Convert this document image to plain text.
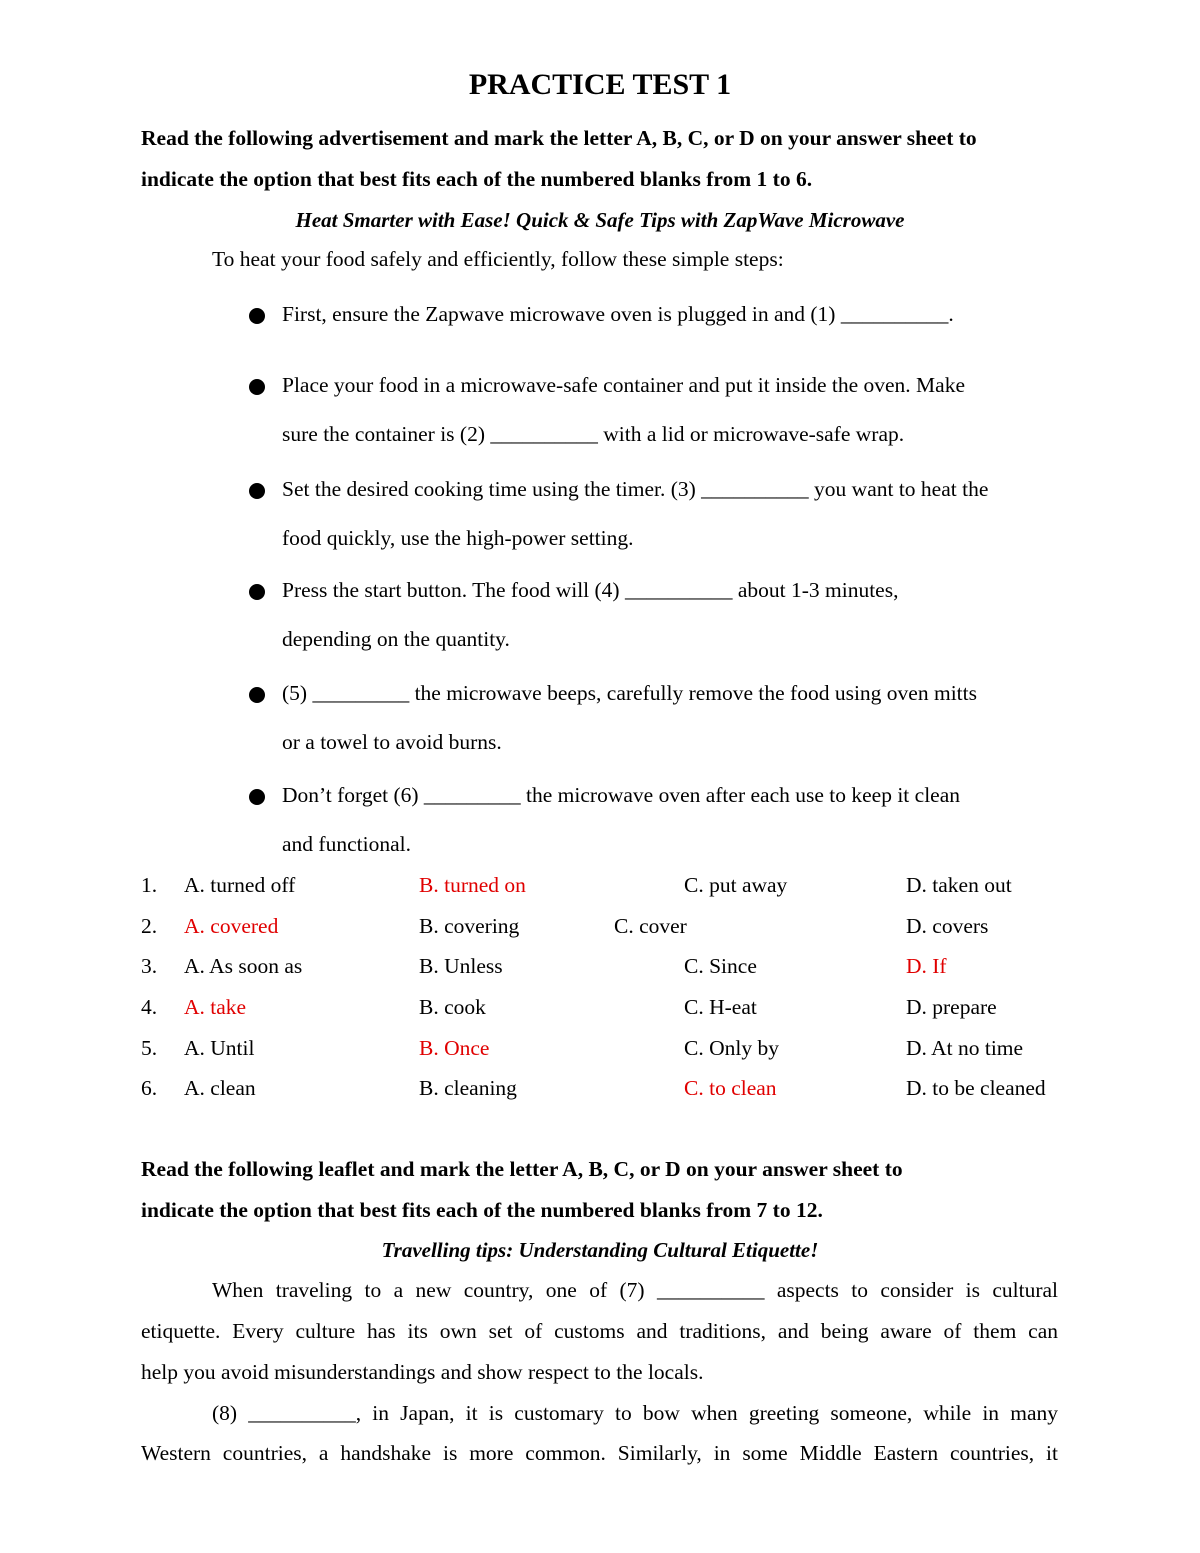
PRACTICE TEST 1
Read the following advertisement and mark the letter A, B, C, or D on your answer sheet to
indicate the option that best fits each of the numbered blanks from 1 to 6.
Heat Smarter with Ease! Quick & Safe Tips with ZapWave Microwave
To heat your food safely and efficiently, follow these simple steps:
First, ensure the Zapwave microwave oven is plugged in and (1) __________.
Place your food in a microwave-safe container and put it inside the oven. Make
sure the container is (2) __________ with a lid or microwave-safe wrap.
Set the desired cooking time using the timer. (3) __________ you want to heat the
food quickly, use the high-power setting.
Press the start button. The food will (4) __________ about 1-3 minutes,
depending on the quantity.
(5) _________ the microwave beeps, carefully remove the food using oven mitts
or a towel to avoid burns.
Don’t forget (6) _________ the microwave oven after each use to keep it clean
and functional.
1. A. turned off	B. turned on	C. put away	D. taken out
2. A. covered	B. covering	C. cover	D. covers
3. A. As soon as	B. Unless	C. Since	D. If
4. A. take	B. cook	C. H-eat	D. prepare
5. A. Until	B. Once	C. Only by	D. At no time
6. A. clean	B. cleaning	C. to clean	D. to be cleaned
Read the following leaflet and mark the letter A, B, C, or D on your answer sheet to
indicate the option that best fits each of the numbered blanks from 7 to 12.
Travelling tips: Understanding Cultural Etiquette!
When traveling to a new country, one of (7) __________ aspects to consider is cultural
etiquette. Every culture has its own set of customs and traditions, and being aware of them can
help you avoid misunderstandings and show respect to the locals.
(8) __________, in Japan, it is customary to bow when greeting someone, while in many
Western countries, a handshake is more common. Similarly, in some Middle Eastern countries, it
